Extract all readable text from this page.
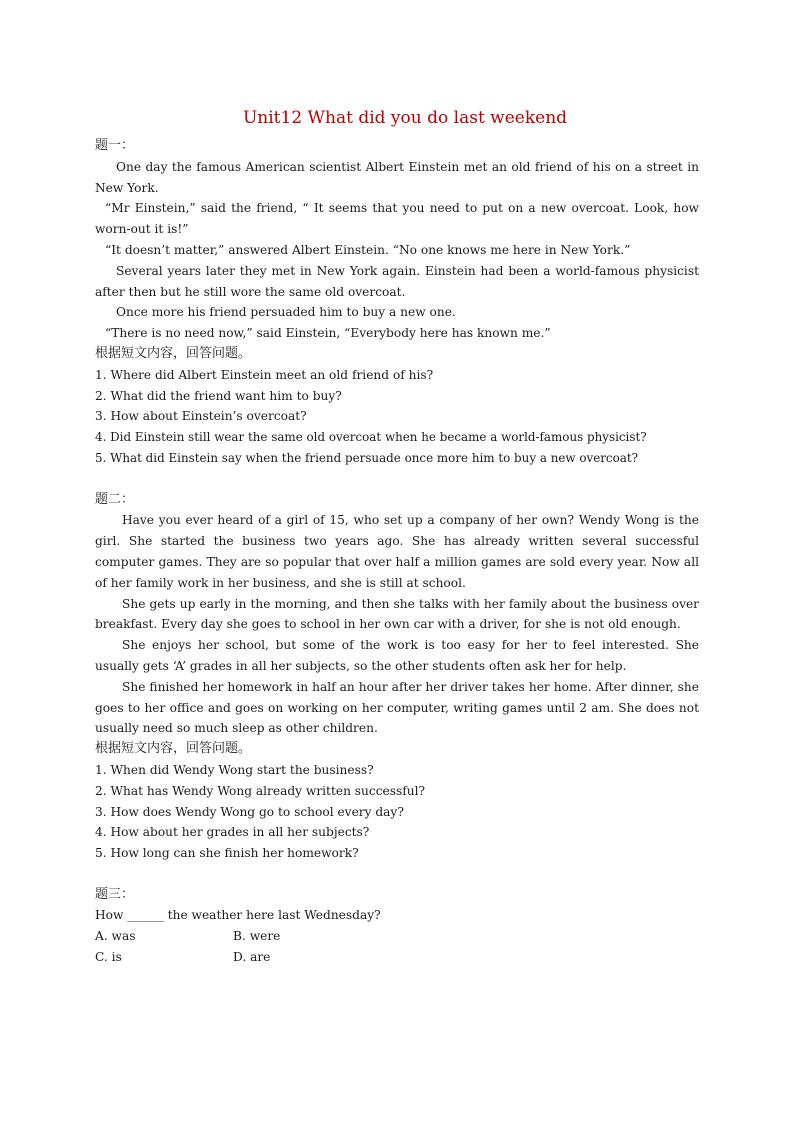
Unit12 What did you do last weekend
题一：

One day the famous American scientist Albert Einstein met an old friend of his on a street in New York.

“Mr Einstein,” said the friend, “ It seems that you need to put on a new overcoat. Look, how worn-out it is!”

“It doesn’t matter,” answered Albert Einstein. “No one knows me here in New York.”

Several years later they met in New York again. Einstein had been a world-famous physicist after then but he still wore the same old overcoat.

Once more his friend persuaded him to buy a new one.

“There is no need now,” said Einstein, “Everybody here has known me.”

根据短文内容，回答问题。

1. Where did Albert Einstein meet an old friend of his?

2. What did the friend want him to buy?

3. How about Einstein’s overcoat?

4. Did Einstein still wear the same old overcoat when he became a world-famous physicist?

5. What did Einstein say when the friend persuade once more him to buy a new overcoat?

题二：

Have you ever heard of a girl of 15, who set up a company of her own? Wendy Wong is the girl. She started the business two years ago. She has already written several successful computer games. They are so popular that over half a million games are sold every year. Now all of her family work in her business, and she is still at school.

She gets up early in the morning, and then she talks with her family about the business over breakfast. Every day she goes to school in her own car with a driver, for she is not old enough.

She enjoys her school, but some of the work is too easy for her to feel interested. She usually gets ‘A’ grades in all her subjects, so the other students often ask her for help.

She finished her homework in half an hour after her driver takes her home. After dinner, she goes to her office and goes on working on her computer, writing games until 2 am. She does not usually need so much sleep as other children.

根据短文内容，回答问题。

1. When did Wendy Wong start the business?

2. What has Wendy Wong already written successful?

3. How does Wendy Wong go to school every day?

4. How about her grades in all her subjects?

5. How long can she finish her homework?

题三：

How ______ the weather here last Wednesday?

A. was	B. were
C. is	D. are
